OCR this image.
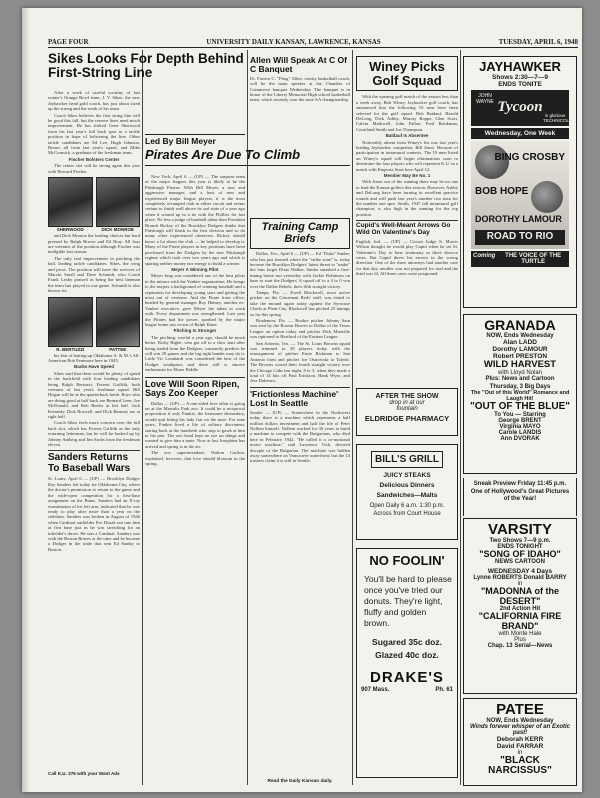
PAGE FOUR	UNIVERSITY DAILY KANSAN, LAWRENCE, KANSAS	TUESDAY, APRIL 6, 1948
Sikes Looks For Depth Behind First-String Line

After a week of careful scrutiny of last winter's Orange Bowl team, J. V. Sikes, the new Jayhawker head gold coach, has just about sized up the strong and the weak of his team.

Coach Sikes believes the first string line will be good this fall, but the reserve lines need much improvement. He has shifted Gene Sherwood from his last year's full back spot to a tackle position in hope of bolstering the line. Other tackle candidates are Ed Lee, Hugh Johnson, Bouse, all from last year's squad, and Mike McCormick, a graduate of the freshman team.

Fischer Bolsters Center

The center slot will be strong again this year with Howard Fischer

SHERWOOD	DICK MONROE

and Dick Monroe the leading choices but hard pressed by Ralph Brown and Ed Bray. All four are veterans of the position although Fischer was ineligible last season.

The only real improvement in patching the ball, leading tackle candidates. Sikes, the wing and pivot. The position will have the services of Marvin Small and Dave Schmidt, who Coach Frank Leahy praised as being the best lineman the team has played in one game. Schmidt is also known for

R. BERTUZZI	PATTEE

his feat of batting up Oklahoma A. & M.'s All-American Bob Fenimore here in 1945.

Backs Have Speed

Sikes said that there would be plenty of speed in the backfield with four leading candidates being Ralph Bertuzzi, Forrest Griffith, both veterans of last year's freshman squad. Bill Hogan will be at the quarterback berth. Boys who are doing good at half back are Bernard Leen, Joe McDonald, and Bob Beeler at left half. Jack Kennedy, Dick Boswell, and Dick Ramsey are at right half.

Coach Sikes feels more concern over the full back slot, which has Forrest Griffith as the only returning letterman, but he will be backed up by Johnny Amberg and Jim Sachs from the freshman eleven.

Sanders Returns To Baseball Wars
St. Louis, April 6 — (UP) — Brooklyn Dodger Ray Sanders left today for Oklahoma City, where the doctor's permission to return to the game and the wide-open competition for a first-base assignment on the Bums. Sanders had an X-ray examination of his left arm, indicated that he was ready to play after more than a year on the sidelines. Sanders was broken in August of 1946 when Cardinal outfielder Erv Dusak ran into him at first base just as he was stretching for an infielder's throw. He was a Cardinal. Sanders was with the Boston Braves at the time and he became a Dodger in the trade that sent Ed Stanky to Boston.
Call K.U. 376 with your Want Ads
Led By Bill Meyer
Pirates Are Due To Climb

New York, April 6 — (UP) — The surprise team of the major leagues this year is likely to be the Pittsburgh Pirates. With Bill Meyer, a new and aggressive manager, and a host of new and experienced major league players, it is the most completely revamped club in either circuit and seems certain to finish well above its sad state of a year ago when it wound up in a tie with the Phillies for last place. No less a judge of baseball talent than President Branch Rickey of the Brooklyn Dodgers thinks that Pittsburgh will finish in the first division and so do many other experienced observers. Rickey should know a lot about the club — he helped to develop it. Many of the Pirate players in key positions have been purchased from the Dodgers by the new Pittsburgh regime which took over two years ago and which is sparing neither money nor energy to build a winner.

Meyer A Winning Pilot

Meyer brag was considered one of the best pilots in the minors with the Yankee organization. He brings to the majors a background of winning baseball and a reputation for developing young stars and getting the most out of veterans. And the Pirate front office, headed by general manager Roy Hamey, another ex-Yankee executive, gave Meyer the talent to work with. Every department was strengthened. Last year the Pirates had the power, sparked by the major league home run crown of Ralph Kiner.

Pitching Is Stronger

The pitching, woeful a year ago, should be much better. Kirby Higbe, who got off to a slow start after being traded from the Dodgers, constantly predicts he will win 20 games and the big right hander may do it. Little Vic Lombardi was considered the best of the Dodger southpaws and there still is sincere enthusiasm for Elmer Riddle.

Love Will Soon Ripen, Says Zoo Keeper

Dallas — (UP) — A one-sided love affair is going on at the Marsalis Park zoo. It could be a reciprocal proposition if only Punkie, the lonesome dromedary, would quit biting his lady fair on the nose. For nine years, Punkie lived a life of solitary discontent, staring back at the hundreds who stop to gawk at him in his pen. The zoo head kept an eye on things and wanted to give him a mate. Now at last Josephine has arrived and spring is in the air.

The zoo superintendent, Walton Carlton, explained, however, that love should blossom in the spring.

Allen Will Speak At C Of C Banquet
Dr. Forrest C. "Phog" Allen, varsity basketball coach, will be the main speaker at the Chamber of Commerce banquet Wednesday. The banquet is in honor of the Liberty Memorial High school basketball team, which recently won the state AA championship.
Training Camp Briefs

Dallas, Tex., April 6 — (UP) — Ed "Duke" Snider, who has just learned where the "strike zone" is, today became the Brooklyn Dodgers' latest threat to "make" the fans forget Dixie Walker. Snider smashed a first-inning home run yesterday with Jackie Robinson on base to start the Dodgers' A squad off to a 4 to 0 win over the Dallas Rebels, their fifth straight victory.

Tampa, Fla. — Ewell Blackwell, most active pitcher on the Cincinnati Reds' staff, was slated to take the mound again today against the Syracuse Chiefs at Plant City. Blackwell has pitched 25 innings so far this spring.

Bradenton, Fla. — Rookie pitcher Johnny Sain was sent by the Boston Braves to Dallas of the Texas League on option today and pitcher Dick Manville was optioned to Hartford of the Eastern League.

San Antonio, Tex. — The St. Louis Browns squad was trimmed to 29 players today with the reassignment of pitcher Ernie Rickman to San Antonio farm and pitcher Joe Ostrowski to Toledo. The Browns scored their fourth straight victory over the Chicago Cubs last night, 8 to 3, when they made a total of 14 hits off Paul Erickson, Hank Wyse, and Jess Dobernic.

'Frictionless Machine' Lost In Seattle
Seattle — (UP) — Somewhere in the Northwest today there is a machine which represents a half million dollars investment and half the life of Peter Nollem himself. Nollem worked for 30 years to build a machine to compete with the Bulgarians, who died here in February 1942. "He called it a co-motional motor machine," said Lawrence Vick, devoted disciple of the Bulgarian. The machine was hidden away somewhere on Vancouver waterfront; but the 14 trustees claim it is still in Seattle.
Read the Daily Kansan daily.
Winey Picks Golf Squad

With the opening golf match of the season less than a week away, Bob Winey, Jayhawker golf coach, has announced that the following 10 men have been selected for the golf squad: Bob Baidauf, Harold DeLong, Dick Ashby, Murray Roppe, Glen Scott, Calvin Markwell, John Fallon, Fred Brinkman, Courtland Smith and Joe Thompson.

Baldauf Is Absentee

Noticeably absent from Winey's list was last year's leading Jayhawker competitor, Bill Jones. Because of participation in intramural contests. The 10 men listed on Winey's squad will begin eliminations soon to determine the four players who will represent K.U. in a match with Emporia State here April 12.

Member May Be No. 1

With Jones out of the running there may be no one to lead the Kansas golfers this season. However, Ashby and DeLong have been turning in excellent practice rounds and will push last year's number two man for the number one spot. Smith, 1947 fall intramural golf champion, is also high in the running for the top position.

Cupid's Well-Meant Arrows Go Wild On Valentine's Day
English, Ind. — (UP) — Circuit Judge S. Morris Wilson thought he would play Cupid when he set St. Valentine's Day to hear testimony in three divorce cases. But Cupid threw his arrows in the wrong direction. One of the three attorneys had another case for that day, another was not prepared for trial and the third was ill. All three cases were postponed.
AFTER THE SHOW
drop in at our
fountain
ELDRIDGE PHARMACY
BILL'S GRILL
JUICY STEAKS
Delicious Dinners
Sandwiches—Malts
Open Daily 6 a.m. 1:30 p.m.
Across from Court House
NO FOOLIN'
You'll be hard to please once you've tried our donuts. They're light, fluffy and golden brown.
Sugared 35c doz.
Glazed 40c doz.
DRAKE'S
907 Mass.	Ph. 61
JAYHAWKER
Shows 2:30—7—9
ENDS TONITE
JOHN WAYNE Tycoon in glorious TECHNICOLOR
Wednesday, One Week
BING CROSBY
BOB HOPE
DOROTHY LAMOUR
ROAD TO RIO
Coming	THE VOICE OF THE TURTLE
GRANADA
NOW, Ends Wednesday
Alan LADD
Dorothy LAMOUR
Robert PRESTON
WILD HARVEST
with Lloyd Nolan
Plus: News and Cartoon
Thursday, 3 Big Days
The "Out of this World" Romance and Laugh Hit!
"OUT OF THE BLUE"
To You — Starring
George BRENT
Virginia MAYO
Carole LANDIS
Ann DVORAK
Sneak Preview Friday 11:45 p.m. One of Hollywood's Great Pictures of the Year!
VARSITY
Two Shows 7—9 p.m.
ENDS TONIGHT
"SONG OF IDAHO"
NEWS CARTOON
WEDNESDAY 4 Days
Lynne ROBERTS Donald BARRY
in
"MADONNA of the DESERT"
2nd Action Hit
"CALIFORNIA FIRE BRAND"
with Monte Hale
Plus
Chap. 13 Serial—News
PATEE
NOW, Ends Wednesday
Winds forever whisper of an Exotic past!
Deborah KERR
David FARRAR
in
"BLACK NARCISSUS"
